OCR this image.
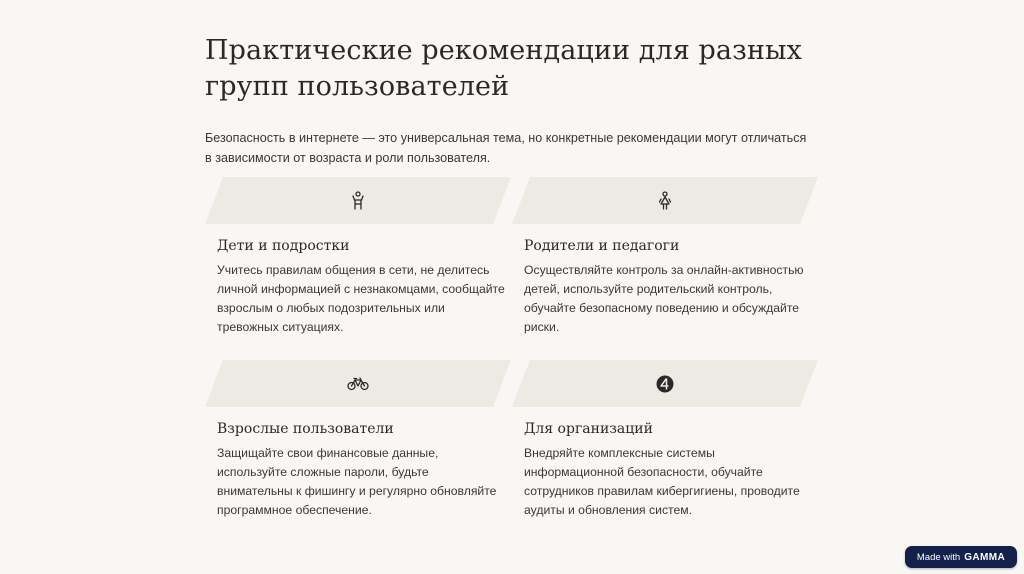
Практические рекомендации для разных групп пользователей

Безопасность в интернете — это универсальная тема, но конкретные рекомендации могут отличаться в зависимости от возраста и роли пользователя.

Дети и подростки

Учитесь правилам общения в сети, не делитесь личной информацией с незнакомцами, сообщайте взрослым о любых подозрительных или тревожных ситуациях.

Родители и педагоги

Осуществляйте контроль за онлайн-активностью детей, используйте родительский контроль, обучайте безопасному поведению и обсуждайте риски.

Взрослые пользователи

Защищайте свои финансовые данные, используйте сложные пароли, будьте внимательны к фишингу и регулярно обновляйте программное обеспечение.

Для организаций

Внедряйте комплексные системы информационной безопасности, обучайте сотрудников правилам кибергигиены, проводите аудиты и обновления систем.

Made with GAMMA
